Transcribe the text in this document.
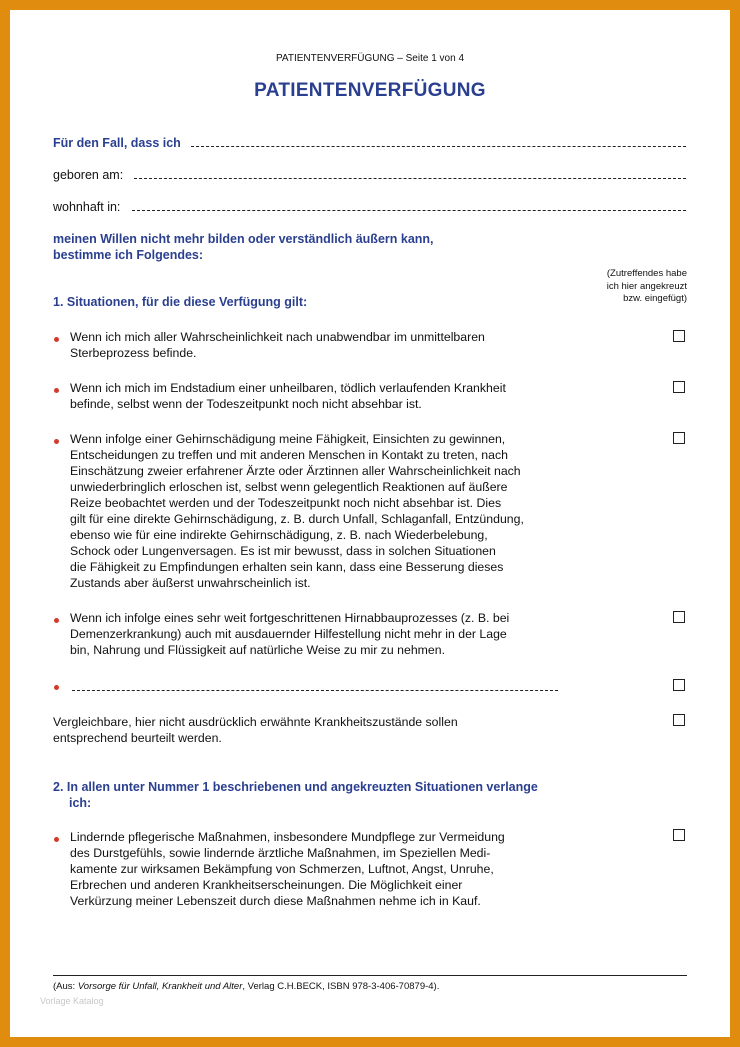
PATIENTENVERFÜGUNG – Seite 1 von 4
PATIENTENVERFÜGUNG
Für den Fall, dass ich
geboren am:
wohnhaft in:
meinen Willen nicht mehr bilden oder verständlich äußern kann,
bestimme ich Folgendes:
(Zutreffendes habe
ich hier angekreuzt
bzw. eingefügt)
1. Situationen, für die diese Verfügung gilt:
Wenn ich mich aller Wahrscheinlichkeit nach unabwendbar im unmittelbaren
Sterbeprozess befinde.
Wenn ich mich im Endstadium einer unheilbaren, tödlich verlaufenden Krankheit
befinde, selbst wenn der Todeszeitpunkt noch nicht absehbar ist.
Wenn infolge einer Gehirnschädigung meine Fähigkeit, Einsichten zu gewinnen,
Entscheidungen zu treffen und mit anderen Menschen in Kontakt zu treten, nach
Einschätzung zweier erfahrener Ärzte oder Ärztinnen aller Wahrscheinlichkeit nach
unwiederbringlich erloschen ist, selbst wenn gelegentlich Reaktionen auf äußere
Reize beobachtet werden und der Todeszeitpunkt noch nicht absehbar ist. Dies
gilt für eine direkte Gehirnschädigung, z. B. durch Unfall, Schlaganfall, Entzündung,
ebenso wie für eine indirekte Gehirnschädigung, z. B. nach Wiederbelebung,
Schock oder Lungenversagen. Es ist mir bewusst, dass in solchen Situationen
die Fähigkeit zu Empfindungen erhalten sein kann, dass eine Besserung dieses
Zustands aber äußerst unwahrscheinlich ist.
Wenn ich infolge eines sehr weit fortgeschrittenen Hirnabbauprozesses (z. B. bei
Demenzerkrankung) auch mit ausdauernder Hilfestellung nicht mehr in der Lage
bin, Nahrung und Flüssigkeit auf natürliche Weise zu mir zu nehmen.
Vergleichbare, hier nicht ausdrücklich erwähnte Krankheitszustände sollen
entsprechend beurteilt werden.
2. In allen unter Nummer 1 beschriebenen und angekreuzten Situationen verlange
ich:
Lindernde pflegerische Maßnahmen, insbesondere Mundpflege zur Vermeidung
des Durstgefühls, sowie lindernde ärztliche Maßnahmen, im Speziellen Medi-
kamente zur wirksamen Bekämpfung von Schmerzen, Luftnot, Angst, Unruhe,
Erbrechen und anderen Krankheitserscheinungen. Die Möglichkeit einer
Verkürzung meiner Lebenszeit durch diese Maßnahmen nehme ich in Kauf.
(Aus: Vorsorge für Unfall, Krankheit und Alter, Verlag C.H.BECK, ISBN 978-3-406-70879-4).
Vorlage Katalog
